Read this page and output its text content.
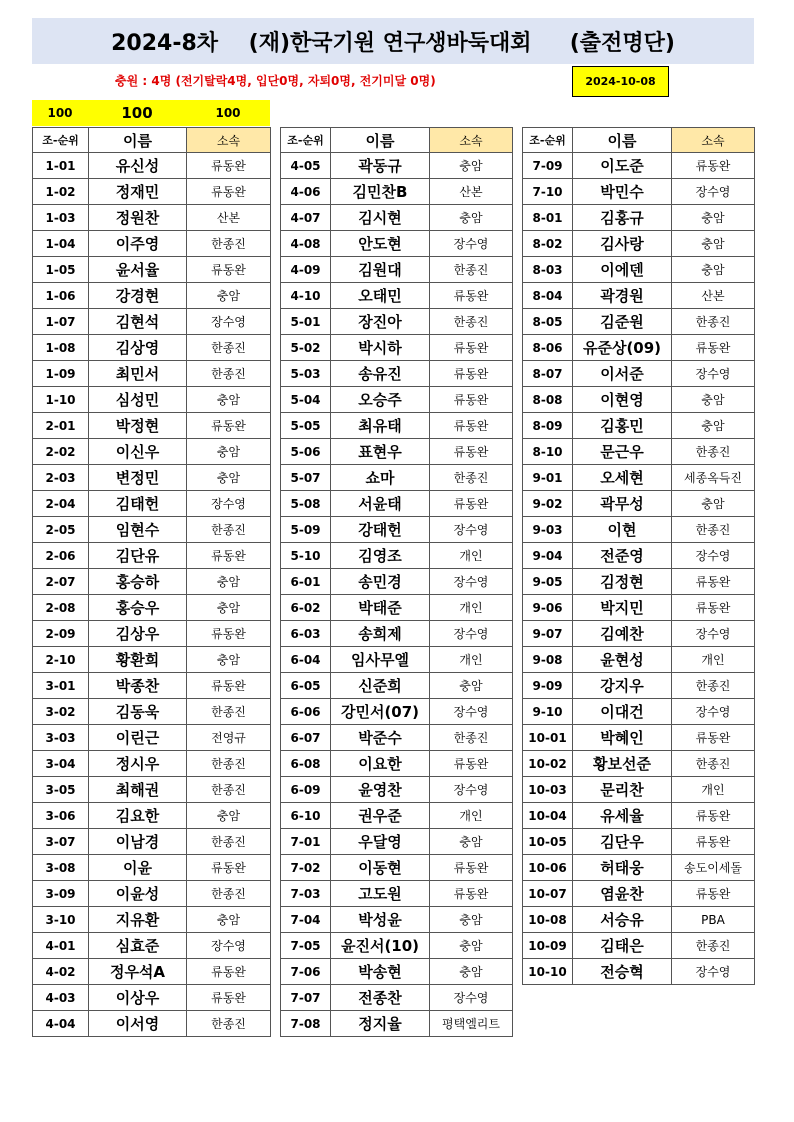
2024-8차    (재)한국기원 연구생바둑대회     (출전명단)
충원 : 4명 (전기탈락4명, 입단0명, 자퇴0명, 전기미달 0명)	2024-10-08
100	100	100
조-순위	이름	소속
1-01	유신성	류동완
1-02	정재민	류동완
1-03	정원찬	산본
1-04	이주영	한종진
1-05	윤서율	류동완
1-06	강경현	충암
1-07	김현석	장수영
1-08	김상영	한종진
1-09	최민서	한종진
1-10	심성민	충암
2-01	박정현	류동완
2-02	이신우	충암
2-03	변정민	충암
2-04	김태헌	장수영
2-05	임현수	한종진
2-06	김단유	류동완
2-07	홍승하	충암
2-08	홍승우	충암
2-09	김상우	류동완
2-10	황환희	충암
3-01	박종찬	류동완
3-02	김동욱	한종진
3-03	이린근	전영규
3-04	정시우	한종진
3-05	최해권	한종진
3-06	김요한	충암
3-07	이남경	한종진
3-08	이윤	류동완
3-09	이윤성	한종진
3-10	지유환	충암
4-01	심효준	장수영
4-02	정우석A	류동완
4-03	이상우	류동완
4-04	이서영	한종진
조-순위	이름	소속
4-05	곽동규	충암
4-06	김민찬B	산본
4-07	김시현	충암
4-08	안도현	장수영
4-09	김원대	한종진
4-10	오태민	류동완
5-01	장진아	한종진
5-02	박시하	류동완
5-03	송유진	류동완
5-04	오승주	류동완
5-05	최유태	류동완
5-06	표현우	류동완
5-07	쇼마	한종진
5-08	서윤태	류동완
5-09	강태헌	장수영
5-10	김영조	개인
6-01	송민경	장수영
6-02	박태준	개인
6-03	송희제	장수영
6-04	임사무엘	개인
6-05	신준희	충암
6-06	강민서(07)	장수영
6-07	박준수	한종진
6-08	이요한	류동완
6-09	윤영찬	장수영
6-10	권우준	개인
7-01	우달영	충암
7-02	이동현	류동완
7-03	고도원	류동완
7-04	박성윤	충암
7-05	윤진서(10)	충암
7-06	박송현	충암
7-07	전종찬	장수영
7-08	정지율	평택엘리트
조-순위	이름	소속
7-09	이도준	류동완
7-10	박민수	장수영
8-01	김홍규	충암
8-02	김사랑	충암
8-03	이에덴	충암
8-04	곽경원	산본
8-05	김준원	한종진
8-06	유준상(09)	류동완
8-07	이서준	장수영
8-08	이현영	충암
8-09	김홍민	충암
8-10	문근우	한종진
9-01	오세현	세종옥득진
9-02	곽무성	충암
9-03	이현	한종진
9-04	전준영	장수영
9-05	김정현	류동완
9-06	박지민	류동완
9-07	김예찬	장수영
9-08	윤현성	개인
9-09	강지우	한종진
9-10	이대건	장수영
10-01	박혜인	류동완
10-02	황보선준	한종진
10-03	문리찬	개인
10-04	유세율	류동완
10-05	김단우	류동완
10-06	허태웅	송도이세돌
10-07	염윤찬	류동완
10-08	서승유	PBA
10-09	김태은	한종진
10-10	전승혁	장수영
